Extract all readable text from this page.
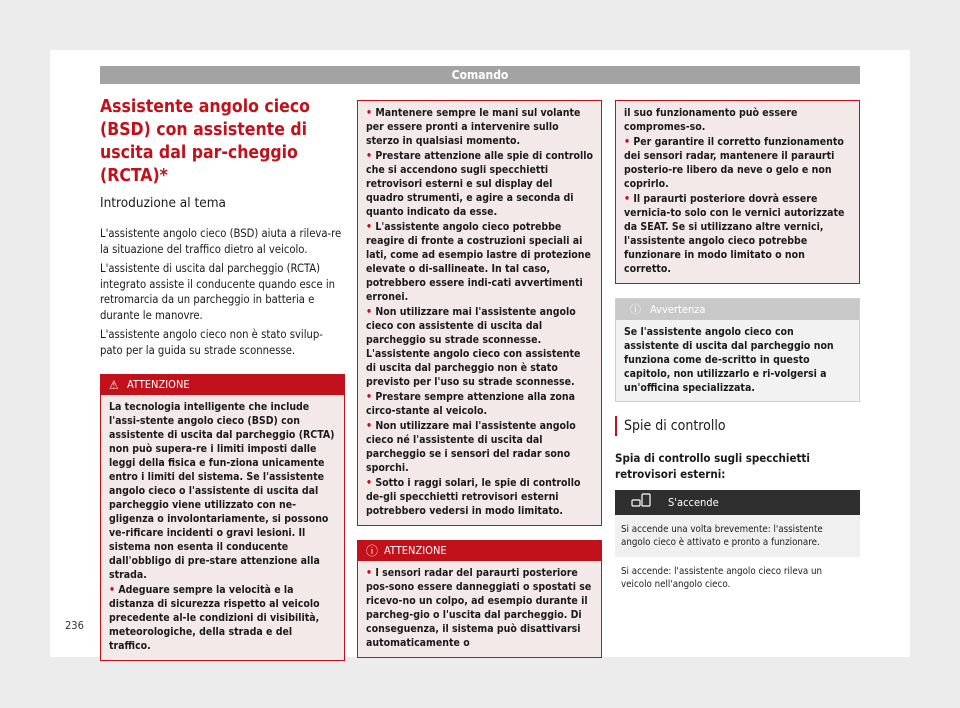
Comando
Assistente angolo cieco (BSD) con assistente di uscita dal par-cheggio (RCTA)*
Introduzione al tema

L'assistente angolo cieco (BSD) aiuta a rileva-re la situazione del traffico dietro al veicolo.

L'assistente di uscita dal parcheggio (RCTA) integrato assiste il conducente quando esce in retromarcia da un parcheggio in batteria e durante le manovre.

L'assistente angolo cieco non è stato svilup-pato per la guida su strade sconnesse.

⚠ ATTENZIONE
La tecnologia intelligente che include l'assi-stente angolo cieco (BSD) con assistente di uscita dal parcheggio (RCTA) non può supera-re i limiti imposti dalle leggi della fisica e fun-ziona unicamente entro i limiti del sistema. Se l'assistente angolo cieco o l'assistente di uscita dal parcheggio viene utilizzato con ne-gligenza o involontariamente, si possono ve-rificare incidenti o gravi lesioni. Il sistema non esenta il conducente dall'obbligo di pre-stare attenzione alla strada.
• Adeguare sempre la velocità e la distanza di sicurezza rispetto al veicolo precedente al-le condizioni di visibilità, meteorologiche, della strada e del traffico.
• Mantenere sempre le mani sul volante per essere pronti a intervenire sullo sterzo in qualsiasi momento.
• Prestare attenzione alle spie di controllo che si accendono sugli specchietti retrovisori esterni e sul display del quadro strumenti, e agire a seconda di quanto indicato da esse.
• L'assistente angolo cieco potrebbe reagire di fronte a costruzioni speciali ai lati, come ad esempio lastre di protezione elevate o di-sallineate. In tal caso, potrebbero essere indi-cati avvertimenti erronei.
• Non utilizzare mai l'assistente angolo cieco con assistente di uscita dal parcheggio su strade sconnesse. L'assistente angolo cieco con assistente di uscita dal parcheggio non è stato previsto per l'uso su strade sconnesse.
• Prestare sempre attenzione alla zona circo-stante al veicolo.
• Non utilizzare mai l'assistente angolo cieco né l'assistente di uscita dal parcheggio se i sensori del radar sono sporchi.
• Sotto i raggi solari, le spie di controllo de-gli specchietti retrovisori esterni potrebbero vedersi in modo limitato.
ⓘ ATTENZIONE
• I sensori radar del paraurti posteriore pos-sono essere danneggiati o spostati se ricevo-no un colpo, ad esempio durante il parcheg-gio o l'uscita dal parcheggio. Di conseguenza, il sistema può disattivarsi automaticamente o
il suo funzionamento può essere compromes-so.
• Per garantire il corretto funzionamento dei sensori radar, mantenere il paraurti posterio-re libero da neve o gelo e non coprirlo.
• Il paraurti posteriore dovrà essere vernicia-to solo con le vernici autorizzate da SEAT. Se si utilizzano altre vernici, l'assistente angolo cieco potrebbe funzionare in modo limitato o non corretto.
ⓘ Avvertenza
Se l'assistente angolo cieco con assistente di uscita dal parcheggio non funziona come de-scritto in questo capitolo, non utilizzarlo e ri-volgersi a un'officina specializzata.
Spie di controllo

Spia di controllo sugli specchietti retrovisori esterni:

	S'accende
Si accende una volta brevemente: l'assistente angolo cieco è attivato e pronto a funzionare.
Si accende: l'assistente angolo cieco rileva un veicolo nell'angolo cieco.
236
